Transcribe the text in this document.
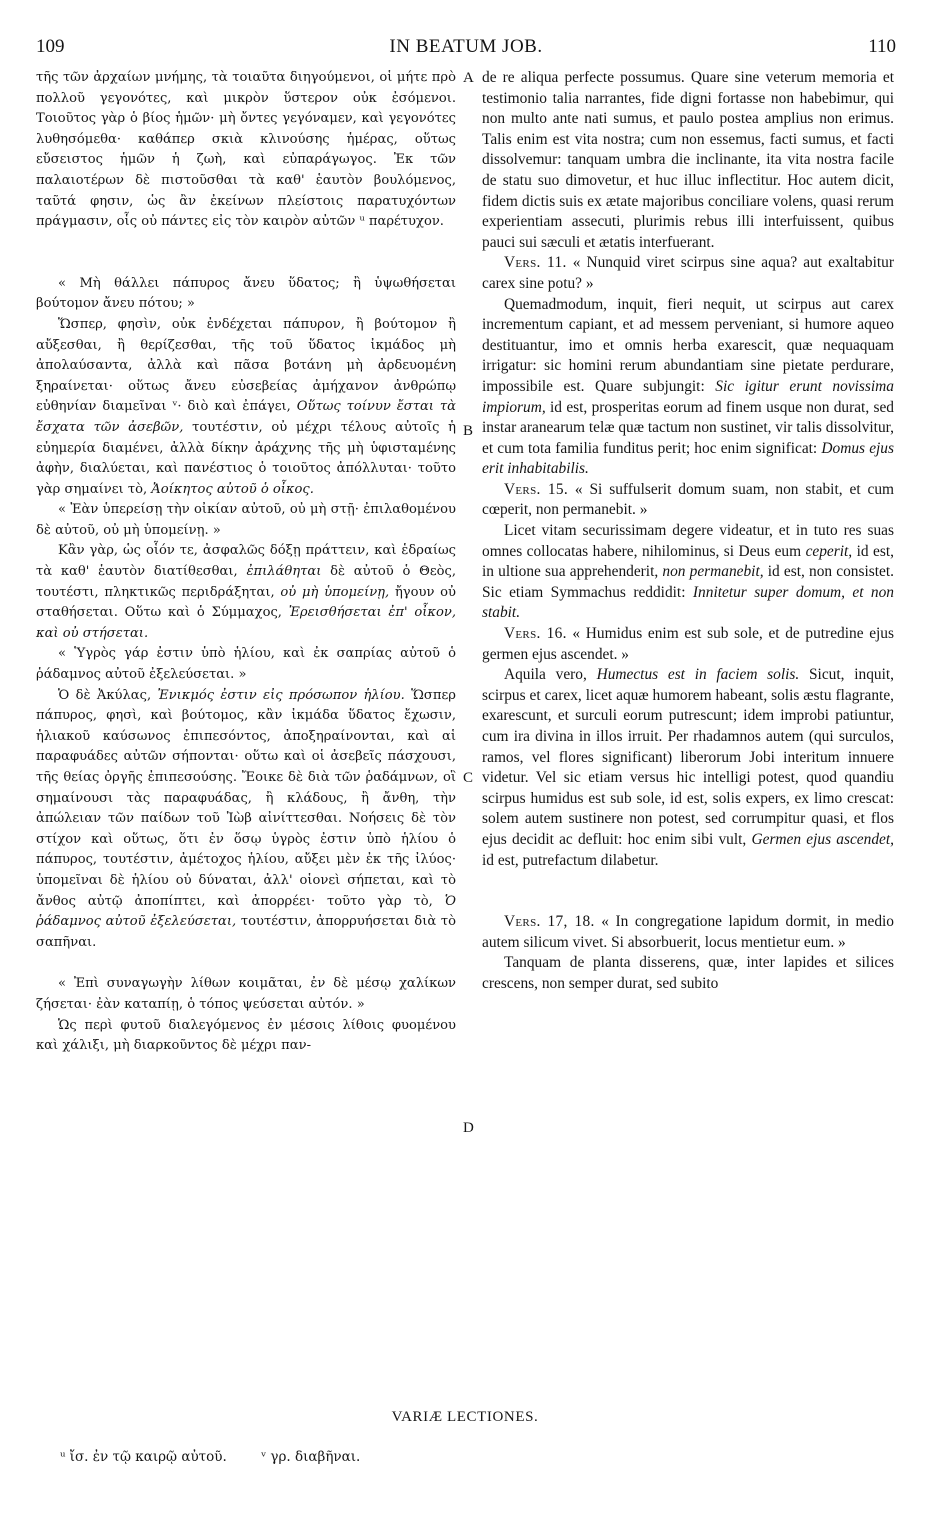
109	IN BEATUM JOB.	110

τῆς τῶν ἀρχαίων μνήμης, τὰ τοιαῦτα διηγούμενοι, οἱ μήτε πρὸ πολλοῦ γεγονότες, καὶ μικρὸν ὕστερον οὐκ ἐσόμενοι. Τοιοῦτος γὰρ ὁ βίος ἡμῶν· μὴ ὄντες γεγόναμεν, καὶ γεγονότες λυθησόμεθα· καθάπερ σκιὰ κλινούσης ἡμέρας, οὕτως εὔσειστος ἡμῶν ἡ ζωὴ, καὶ εὐπαράγωγος. Ἐκ τῶν παλαιοτέρων δὲ πιστοῦσθαι τὰ καθ' ἑαυτὸν βουλόμενος, ταῦτά φησιν, ὡς ἂν ἐκείνων πλείστοις παρατυχόντων πράγμασιν, οἷς οὐ πάντες εἰς τὸν καιρὸν αὐτῶν ᵘ παρέτυχον.

« Μὴ θάλλει πάπυρος ἄνευ ὕδατος; ἢ ὑψωθήσεται βούτομον ἄνευ πότου; »

Ὥσπερ, φησὶν, οὐκ ἐνδέχεται πάπυρον, ἢ βούτομον ἢ αὔξεσθαι, ἢ θερίζεσθαι, τῆς τοῦ ὕδατος ἰκμάδος μὴ ἀπολαύσαντα, ἀλλὰ καὶ πᾶσα βοτάνη μὴ ἀρδευομένη ξηραίνεται· οὕτως ἄνευ εὐσεβείας ἀμήχανον ἀνθρώπῳ εὐθηνίαν διαμεῖναι ᵛ· διὸ καὶ ἐπάγει, Οὕτως τοίνυν ἔσται τὰ ἔσχατα τῶν ἀσεβῶν, τουτέστιν, οὐ μέχρι τέλους αὐτοῖς ἡ εὐημερία διαμένει, ἀλλὰ δίκην ἀράχνης τῆς μὴ ὑφισταμένης ἀφὴν, διαλύεται, καὶ πανέστιος ὁ τοιοῦτος ἀπόλλυται· τοῦτο γὰρ σημαίνει τὸ, Ἀοίκητος αὐτοῦ ὁ οἶκος.

« Ἐὰν ὑπερείσῃ τὴν οἰκίαν αὐτοῦ, οὐ μὴ στῇ· ἐπιλαθομένου δὲ αὐτοῦ, οὐ μὴ ὑπομείνῃ. »

Κἂν γὰρ, ὡς οἷόν τε, ἀσφαλῶς δόξῃ πράττειν, καὶ ἑδραίως τὰ καθ' ἑαυτὸν διατίθεσθαι, ἐπιλάθηται δὲ αὐτοῦ ὁ Θεὸς, τουτέστι, πληκτικῶς περιδράξηται, οὐ μὴ ὑπομείνῃ, ἤγουν οὐ σταθήσεται. Οὕτω καὶ ὁ Σύμμαχος, Ἐρεισθήσεται ἐπ' οἶκον, καὶ οὐ στήσεται.

« Ὑγρὸς γάρ ἐστιν ὑπὸ ἡλίου, καὶ ἐκ σαπρίας αὐτοῦ ὁ ῥάδαμνος αὐτοῦ ἐξελεύσεται. »

Ὁ δὲ Ἀκύλας, Ἐνικμός ἐστιν εἰς πρόσωπον ἡλίου. Ὥσπερ πάπυρος, φησὶ, καὶ βούτομος, κἂν ἰκμάδα ὕδατος ἔχωσιν, ἡλιακοῦ καύσωνος ἐπιπεσόντος, ἀποξηραίνονται, καὶ αἱ παραφυάδες αὐτῶν σήπονται· οὕτω καὶ οἱ ἀσεβεῖς πάσχουσι, τῆς θείας ὀργῆς ἐπιπεσούσης. Ἔοικε δὲ διὰ τῶν ῥαδάμνων, οἳ σημαίνουσι τὰς παραφυάδας, ἢ κλάδους, ἢ ἄνθη, τὴν ἀπώλειαν τῶν παίδων τοῦ Ἰὼβ αἰνίττεσθαι. Νοήσεις δὲ τὸν στίχον καὶ οὕτως, ὅτι ἐν ὅσῳ ὑγρὸς ἐστιν ὑπὸ ἡλίου ὁ πάπυρος, τουτέστιν, ἀμέτοχος ἡλίου, αὔξει μὲν ἐκ τῆς ἰλύος· ὑπομεῖναι δὲ ἡλίου οὐ δύναται, ἀλλ' οἱονεὶ σήπεται, καὶ τὸ ἄνθος αὐτῷ ἀποπίπτει, καὶ ἀπορρέει· τοῦτο γὰρ τὸ, Ὁ ῥάδαμνος αὐτοῦ ἐξελεύσεται, τουτέστιν, ἀπορρυήσεται διὰ τὸ σαπῆναι.

« Ἐπὶ συναγωγὴν λίθων κοιμᾶται, ἐν δὲ μέσῳ χαλίκων ζήσεται· ἐὰν καταπίῃ, ὁ τόπος ψεύσεται αὐτόν. »

Ὡς περὶ φυτοῦ διαλεγόμενος ἐν μέσοις λίθοις φυομένου καὶ χάλιξι, μὴ διαρκοῦντος δὲ μέχρι παν-

A
B
C
D

de re aliqua perfecte possumus. Quare sine veterum memoria et testimonio talia narrantes, fide digni fortasse non habebimur, qui non multo ante nati sumus, et paulo postea amplius non erimus. Talis enim est vita nostra; cum non essemus, facti sumus, et facti dissolvemur: tanquam umbra die inclinante, ita vita nostra facile de statu suo dimovetur, et huc illuc inflectitur. Hoc autem dicit, fidem dictis suis ex ætate majoribus conciliare volens, quasi rerum experientiam assecuti, plurimis rebus illi interfuissent, quibus pauci sui sæculi et ætatis interfuerant.

Vers. 11. « Nunquid viret scirpus sine aqua? aut exaltabitur carex sine potu? »

Quemadmodum, inquit, fieri nequit, ut scirpus aut carex incrementum capiant, et ad messem perveniant, si humore aqueo destituantur, imo et omnis herba exarescit, quæ nequaquam irrigatur: sic homini rerum abundantiam sine pietate perdurare, impossibile est. Quare subjungit: Sic igitur erunt novissima impiorum, id est, prosperitas eorum ad finem usque non durat, sed instar aranearum telæ quæ tactum non sustinet, vir talis dissolvitur, et cum tota familia funditus perit; hoc enim significat: Domus ejus erit inhabitabilis.

Vers. 15. « Si suffulserit domum suam, non stabit, et cum cœperit, non permanebit. »

Licet vitam securissimam degere videatur, et in tuto res suas omnes collocatas habere, nihilominus, si Deus eum ceperit, id est, in ultione sua apprehenderit, non permanebit, id est, non consistet. Sic etiam Symmachus reddidit: Innitetur super domum, et non stabit.

Vers. 16. « Humidus enim est sub sole, et de putredine ejus germen ejus ascendet. »

Aquila vero, Humectus est in faciem solis. Sicut, inquit, scirpus et carex, licet aquæ humorem habeant, solis æstu flagrante, exarescunt, et surculi eorum putrescunt; idem improbi patiuntur, cum ira divina in illos irruit. Per rhadamnos autem (qui surculos, ramos, vel flores significant) liberorum Jobi interitum innuere videtur. Vel sic etiam versus hic intelligi potest, quod quandiu scirpus humidus est sub sole, id est, solis expers, ex limo crescat: solem autem sustinere non potest, sed corrumpitur quasi, et flos ejus decidit ac defluit: hoc enim sibi vult, Germen ejus ascendet, id est, putrefactum dilabetur.

Vers. 17, 18. « In congregatione lapidum dormit, in medio autem silicum vivet. Si absorbuerit, locus mentietur eum. »

Tanquam de planta disserens, quæ, inter lapides et silices crescens, non semper durat, sed subito

VARIÆ LECTIONES.
ᵘ ἴσ. ἐν τῷ καιρῷ αὐτοῦ.	ᵛ γρ. διαβῆναι.
